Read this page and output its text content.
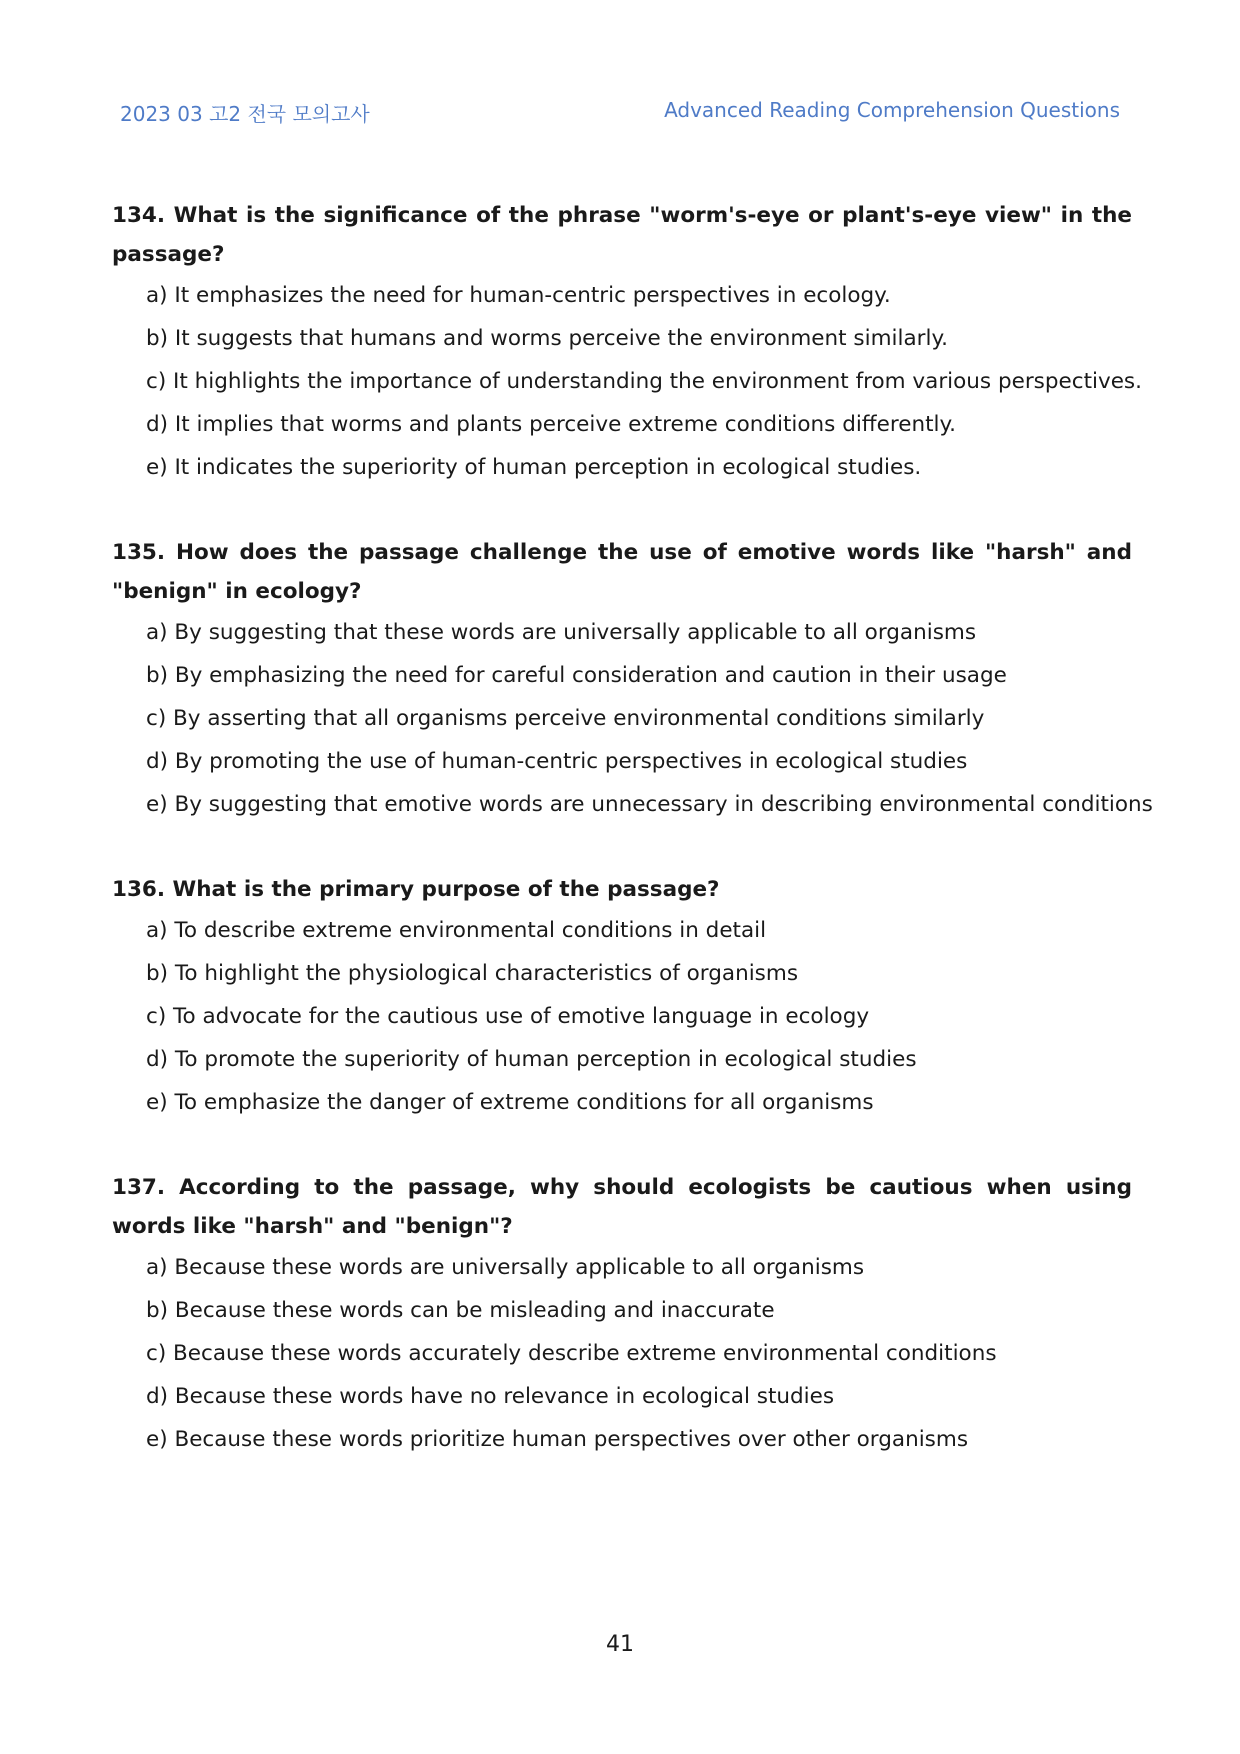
2023 03 고2 전국 모의고사	Advanced Reading Comprehension Questions

134. What is the significance of the phrase "worm's-eye or plant's-eye view" in the passage?

a) It emphasizes the need for human-centric perspectives in ecology.
b) It suggests that humans and worms perceive the environment similarly.
c) It highlights the importance of understanding the environment from various perspectives.
d) It implies that worms and plants perceive extreme conditions differently.
e) It indicates the superiority of human perception in ecological studies.

135. How does the passage challenge the use of emotive words like "harsh" and "benign" in ecology?

a) By suggesting that these words are universally applicable to all organisms
b) By emphasizing the need for careful consideration and caution in their usage
c) By asserting that all organisms perceive environmental conditions similarly
d) By promoting the use of human-centric perspectives in ecological studies
e) By suggesting that emotive words are unnecessary in describing environmental conditions

136. What is the primary purpose of the passage?

a) To describe extreme environmental conditions in detail
b) To highlight the physiological characteristics of organisms
c) To advocate for the cautious use of emotive language in ecology
d) To promote the superiority of human perception in ecological studies
e) To emphasize the danger of extreme conditions for all organisms

137. According to the passage, why should ecologists be cautious when using words like "harsh" and "benign"?

a) Because these words are universally applicable to all organisms
b) Because these words can be misleading and inaccurate
c) Because these words accurately describe extreme environmental conditions
d) Because these words have no relevance in ecological studies
e) Because these words prioritize human perspectives over other organisms
41
